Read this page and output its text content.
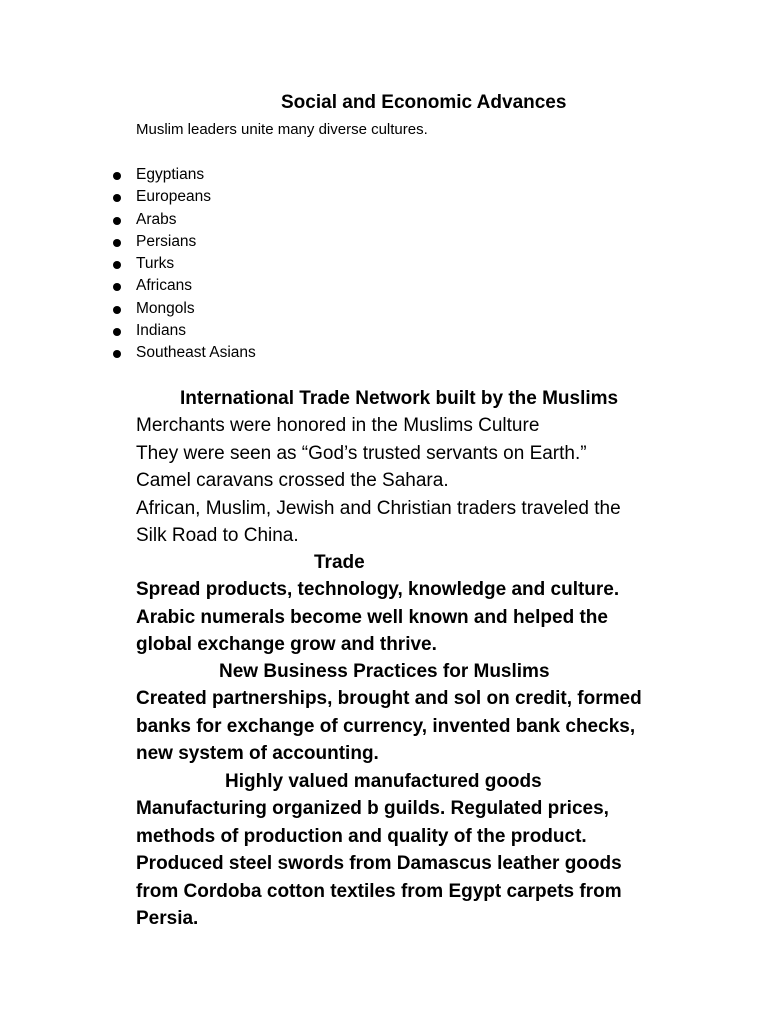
Social and Economic Advances
Muslim leaders unite many diverse cultures.
Egyptians
Europeans
Arabs
Persians
Turks
Africans
Mongols
Indians
Southeast Asians
International Trade Network built by the Muslims
Merchants were honored in the Muslims Culture
They were seen as “God’s trusted servants on Earth.”
Camel caravans crossed the Sahara.
African, Muslim, Jewish and Christian traders traveled the
Silk Road to China.
Trade
Spread products, technology, knowledge and culture.
Arabic numerals become well known and helped the
global exchange grow and thrive.
New Business Practices for Muslims
Created partnerships, brought and sol on credit, formed
banks for exchange of currency, invented bank checks,
new system of accounting.
Highly valued manufactured goods
Manufacturing organized b guilds. Regulated prices,
methods of production and quality of the product.
Produced steel swords from Damascus leather goods
from Cordoba cotton textiles from Egypt carpets from
Persia.
